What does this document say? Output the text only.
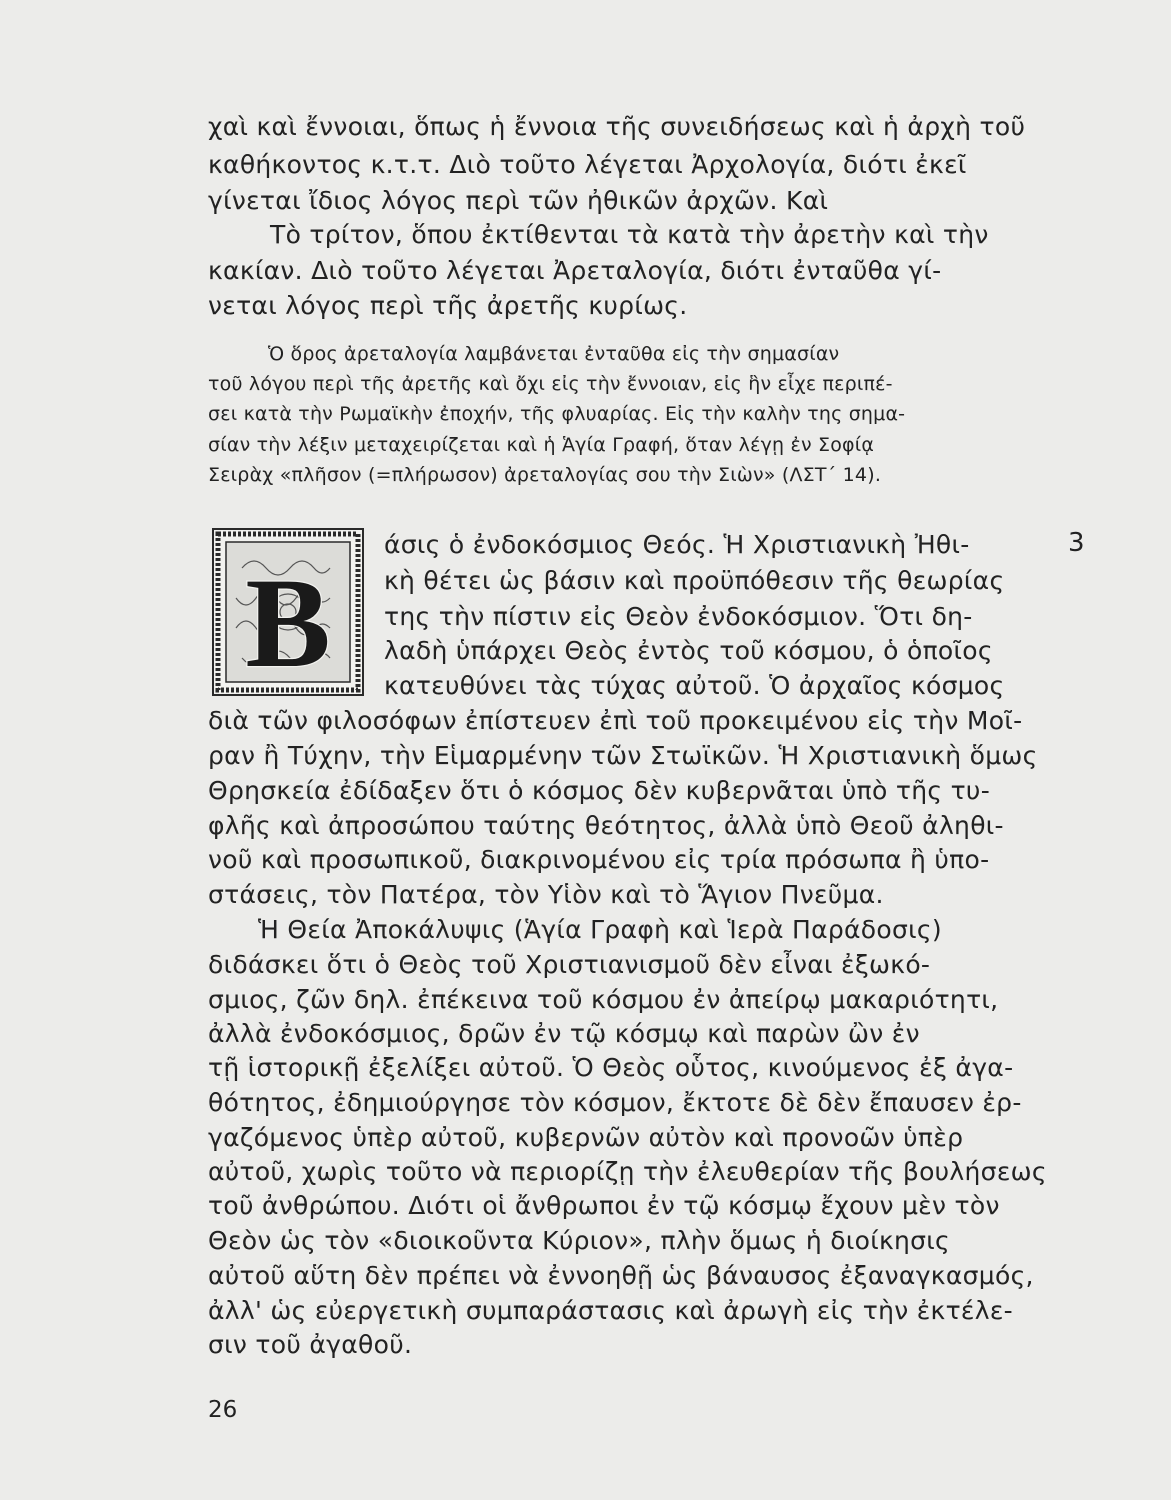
χαὶ καὶ ἔννοιαι, ὅπως ἡ ἔννοια τῆς συνειδήσεως καὶ ἡ ἀρχὴ τοῦ
καθήκοντος κ.τ.τ. Διὸ τοῦτο λέγεται Ἀρχολογία, διότι ἐκεῖ
γίνεται ἴδιος λόγος περὶ τῶν ἠθικῶν ἀρχῶν. Καὶ
Τὸ τρίτον, ὅπου ἐκτίθενται τὰ κατὰ τὴν ἀρετὴν καὶ τὴν
κακίαν. Διὸ τοῦτο λέγεται Ἀρεταλογία, διότι ἐνταῦθα γί-
νεται λόγος περὶ τῆς ἀρετῆς κυρίως.
Ὁ ὅρος ἀρεταλογία λαμβάνεται ἐνταῦθα εἰς τὴν σημασίαν
τοῦ λόγου περὶ τῆς ἀρετῆς καὶ ὄχι εἰς τὴν ἔννοιαν, εἰς ἣν εἶχε περιπέ-
σει κατὰ τὴν Ρωμαϊκὴν ἐποχήν, τῆς φλυαρίας. Εἰς τὴν καλὴν της σημα-
σίαν τὴν λέξιν μεταχειρίζεται καὶ ἡ Ἁγία Γραφή, ὅταν λέγῃ ἐν Σοφίᾳ
Σειρὰχ «πλῆσον (=πλήρωσον) ἀρεταλογίας σου τὴν Σιὼν» (ΛΣΤ΄ 14).
B
3
άσις ὁ ἐνδοκόσμιος Θεός. Ἡ Χριστιανικὴ Ἠθι-
κὴ θέτει ὡς βάσιν καὶ προϋπόθεσιν τῆς θεωρίας
της τὴν πίστιν εἰς Θεὸν ἐνδοκόσμιον. Ὅτι δη-
λαδὴ ὑπάρχει Θεὸς ἐντὸς τοῦ κόσμου, ὁ ὁποῖος
κατευθύνει τὰς τύχας αὐτοῦ. Ὁ ἀρχαῖος κόσμος
διὰ τῶν φιλοσόφων ἐπίστευεν ἐπὶ τοῦ προκειμένου εἰς τὴν Μοῖ-
ραν ἢ Τύχην, τὴν Εἱμαρμένην τῶν Στωϊκῶν. Ἡ Χριστιανικὴ ὅμως
Θρησκεία ἐδίδαξεν ὅτι ὁ κόσμος δὲν κυβερνᾶται ὑπὸ τῆς τυ-
φλῆς καὶ ἀπροσώπου ταύτης θεότητος, ἀλλὰ ὑπὸ Θεοῦ ἀληθι-
νοῦ καὶ προσωπικοῦ, διακρινομένου εἰς τρία πρόσωπα ἢ ὑπο-
στάσεις, τὸν Πατέρα, τὸν Υἱὸν καὶ τὸ Ἅγιον Πνεῦμα.
Ἡ Θεία Ἀποκάλυψις (Ἁγία Γραφὴ καὶ Ἱερὰ Παράδοσις)
διδάσκει ὅτι ὁ Θεὸς τοῦ Χριστιανισμοῦ δὲν εἶναι ἐξωκό-
σμιος, ζῶν δηλ. ἐπέκεινα τοῦ κόσμου ἐν ἀπείρῳ μακαριότητι,
ἀλλὰ ἐνδοκόσμιος, δρῶν ἐν τῷ κόσμῳ καὶ παρὼν ὢν ἐν
τῇ ἱστορικῇ ἐξελίξει αὐτοῦ. Ὁ Θεὸς οὗτος, κινούμενος ἐξ ἀγα-
θότητος, ἐδημιούργησε τὸν κόσμον, ἔκτοτε δὲ δὲν ἔπαυσεν ἐρ-
γαζόμενος ὑπὲρ αὐτοῦ, κυβερνῶν αὐτὸν καὶ προνοῶν ὑπὲρ
αὐτοῦ, χωρὶς τοῦτο νὰ περιορίζῃ τὴν ἐλευθερίαν τῆς βουλήσεως
τοῦ ἀνθρώπου. Διότι οἱ ἄνθρωποι ἐν τῷ κόσμῳ ἔχουν μὲν τὸν
Θεὸν ὡς τὸν «διοικοῦντα Κύριον», πλὴν ὅμως ἡ διοίκησις
αὐτοῦ αὕτη δὲν πρέπει νὰ ἐννοηθῇ ὡς βάναυσος ἐξαναγκασμός,
ἀλλ' ὡς εὐεργετικὴ συμπαράστασις καὶ ἀρωγὴ εἰς τὴν ἐκτέλε-
σιν τοῦ ἀγαθοῦ.
26
